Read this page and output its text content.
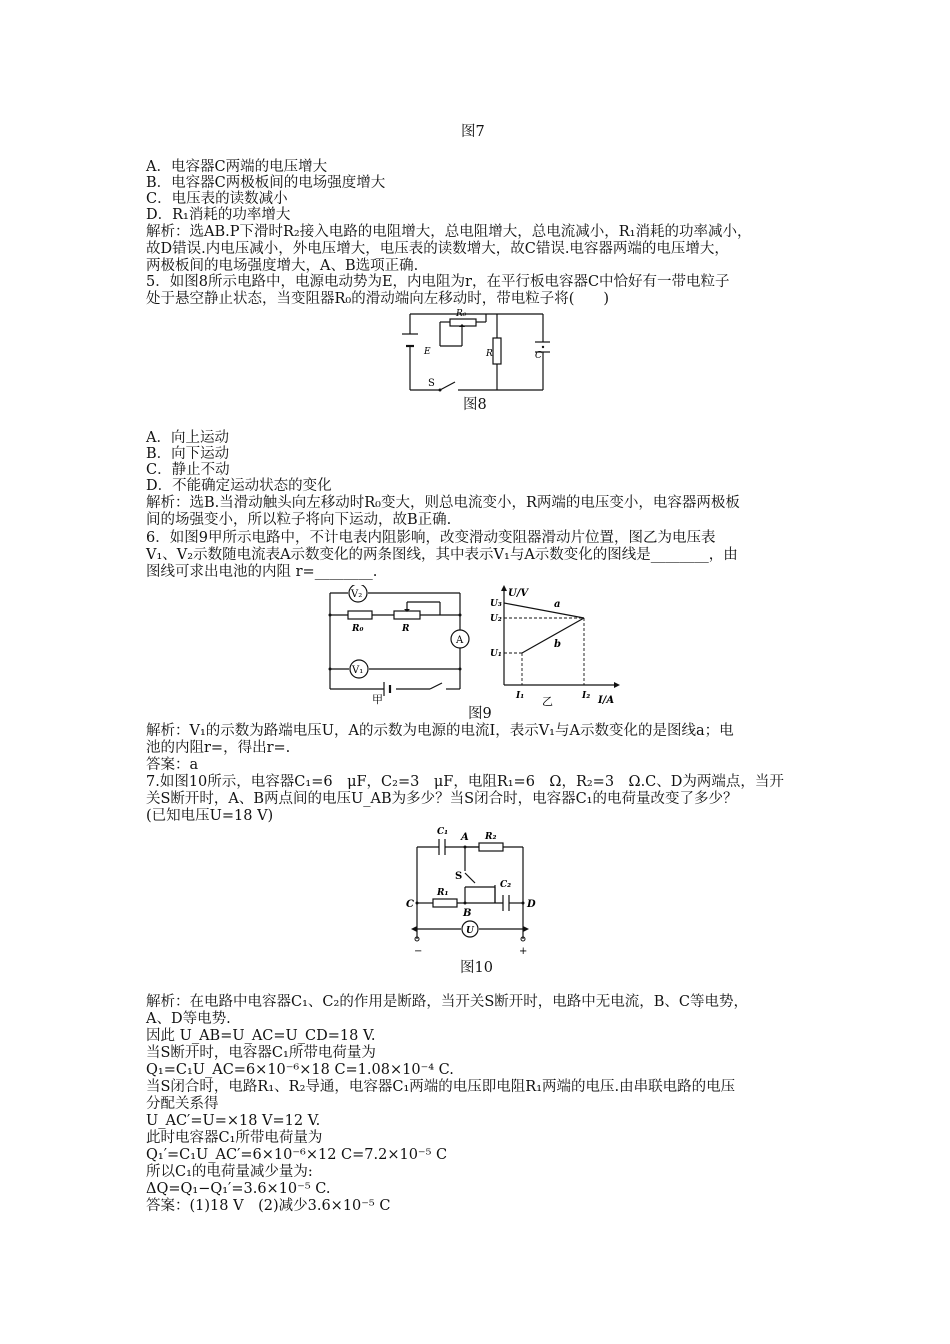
图7
A．电容器C两端的电压增大
B．电容器C两极板间的电场强度增大
C．电压表的读数减小
D．R₁消耗的功率增大
解析：选AB.P下滑时R₂接入电路的电阻增大，总电阻增大，总电流减小，R₁消耗的功率减小，
故D错误.内电压减小，外电压增大，电压表的读数增大，故C错误.电容器两端的电压增大，
两极板间的电场强度增大，A、B选项正确.
5．如图8所示电路中，电源电动势为E，内电阻为r，在平行板电容器C中恰好有一带电粒子
处于悬空静止状态，当变阻器R₀的滑动端向左移动时，带电粒子将(　　)
R₀
E	R	C
S
图8
A．向上运动
B．向下运动
C．静止不动
D．不能确定运动状态的变化
解析：选B.当滑动触头向左移动时R₀变大，则总电流变小，R两端的电压变小，电容器两极板
间的场强变小，所以粒子将向下运动，故B正确.
6．如图9甲所示电路中，不计电表内阻影响，改变滑动变阻器滑动片位置，图乙为电压表
V₁、V₂示数随电流表A示数变化的两条图线，其中表示V₁与A示数变化的图线是________，由
图线可求出电池的内阻 r=________.
V₂
V₁
A
R₀	R
甲
U/V
I/A
U₃
U₂
U₁
I₁	I₂
a
b
乙
图9
解析：V₁的示数为路端电压U，A的示数为电源的电流I，表示V₁与A示数变化的是图线a；电
池的内阻r=，得出r=.
答案：a
7.如图10所示，电容器C₁=6　μF，C₂=3　μF，电阻R₁=6　Ω，R₂=3　Ω.C、D为两端点，当开
关S断开时，A、B两点间的电压U_AB为多少？当S闭合时，电容器C₁的电荷量改变了多少？
(已知电压U=18 V)
C₁	R₂
A
S
C₂
R₁
C
B
D
U
−	+
图10
解析：在电路中电容器C₁、C₂的作用是断路，当开关S断开时，电路中无电流，B、C等电势，
A、D等电势.
因此 U_AB=U_AC=U_CD=18 V.
当S断开时，电容器C₁所带电荷量为
Q₁=C₁U_AC=6×10⁻⁶×18 C=1.08×10⁻⁴ C.
当S闭合时，电路R₁、R₂导通，电容器C₁两端的电压即电阻R₁两端的电压.由串联电路的电压
分配关系得
U_AC′=U=×18 V=12 V.
此时电容器C₁所带电荷量为
Q₁′=C₁U_AC′=6×10⁻⁶×12 C=7.2×10⁻⁵ C
所以C₁的电荷量减少量为:
ΔQ=Q₁−Q₁′=3.6×10⁻⁵ C.
答案：(1)18 V　(2)减少3.6×10⁻⁵ C
